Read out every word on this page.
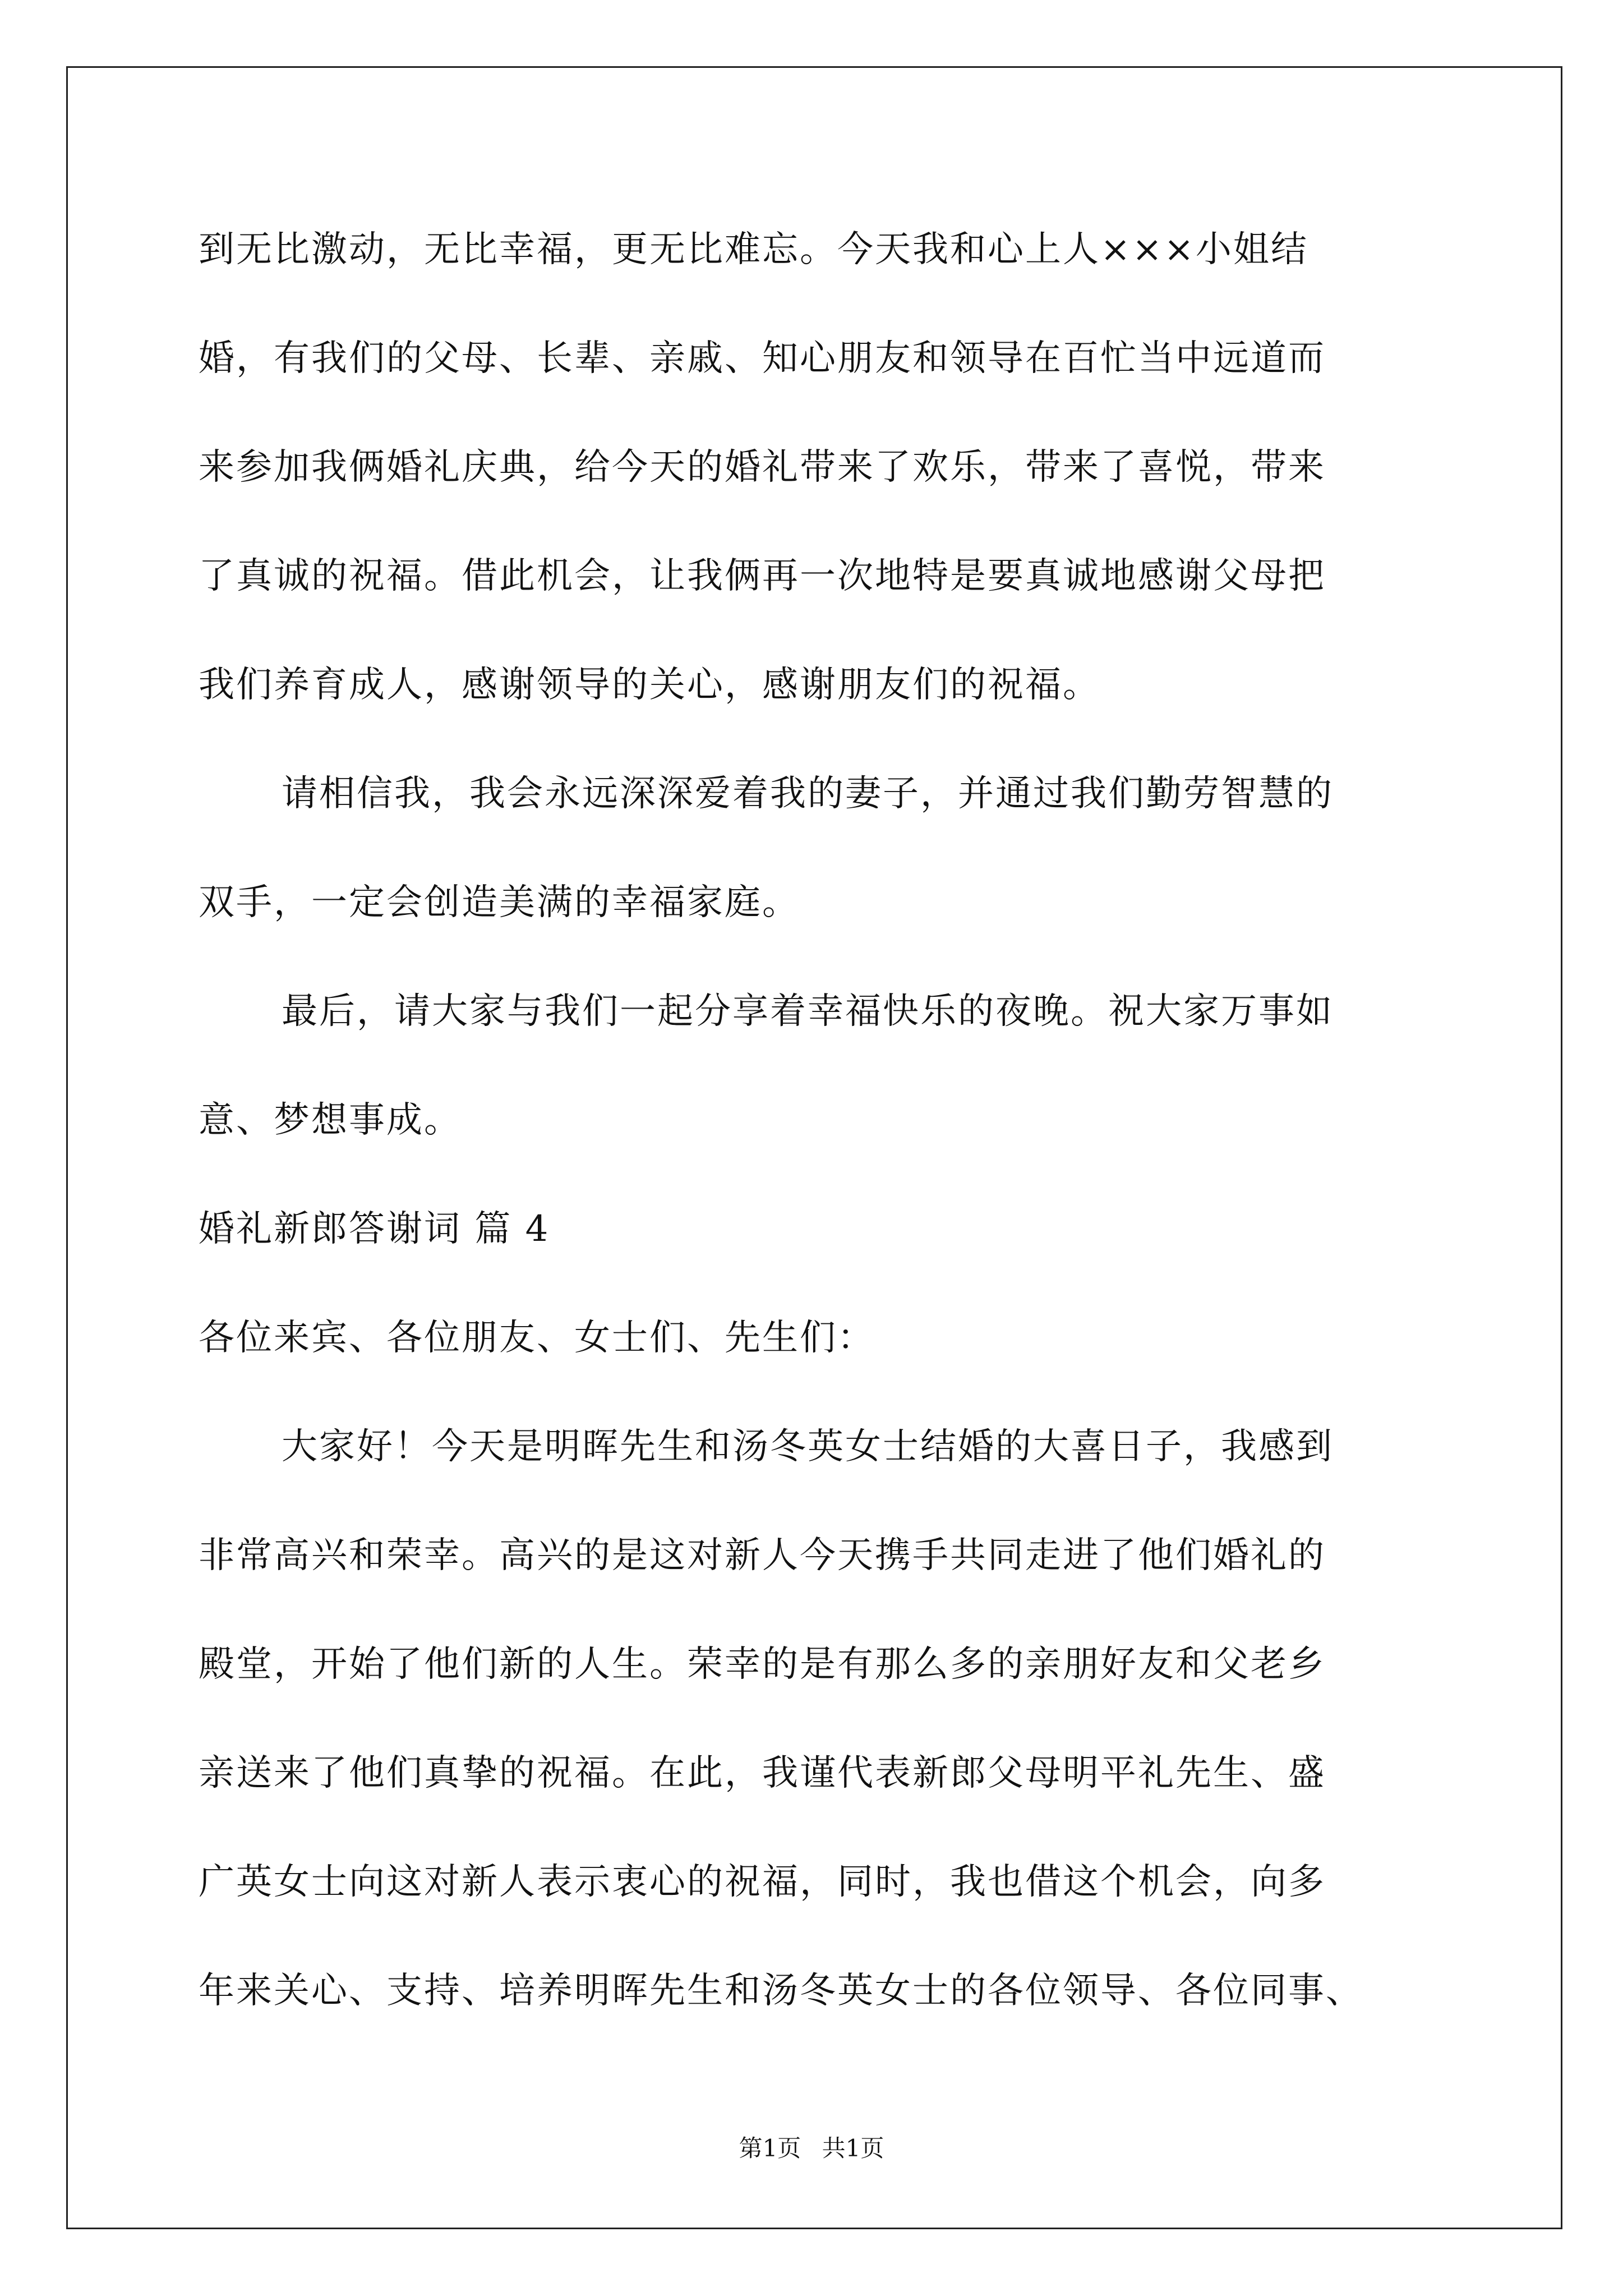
到无比激动，无比幸福，更无比难忘。今天我和心上人×××小姐结
婚，有我们的父母、长辈、亲戚、知心朋友和领导在百忙当中远道而
来参加我俩婚礼庆典，给今天的婚礼带来了欢乐，带来了喜悦，带来
了真诚的祝福。借此机会，让我俩再一次地特是要真诚地感谢父母把
我们养育成人，感谢领导的关心，感谢朋友们的祝福。
请相信我，我会永远深深爱着我的妻子，并通过我们勤劳智慧的
双手，一定会创造美满的幸福家庭。
最后，请大家与我们一起分享着幸福快乐的夜晚。祝大家万事如
意、梦想事成。
婚礼新郎答谢词 篇 4
各位来宾、各位朋友、女士们、先生们：
大家好！今天是明晖先生和汤冬英女士结婚的大喜日子，我感到
非常高兴和荣幸。高兴的是这对新人今天携手共同走进了他们婚礼的
殿堂，开始了他们新的人生。荣幸的是有那么多的亲朋好友和父老乡
亲送来了他们真挚的祝福。在此，我谨代表新郎父母明平礼先生、盛
广英女士向这对新人表示衷心的祝福，同时，我也借这个机会，向多
年来关心、支持、培养明晖先生和汤冬英女士的各位领导、各位同事、
第1页 共1页
